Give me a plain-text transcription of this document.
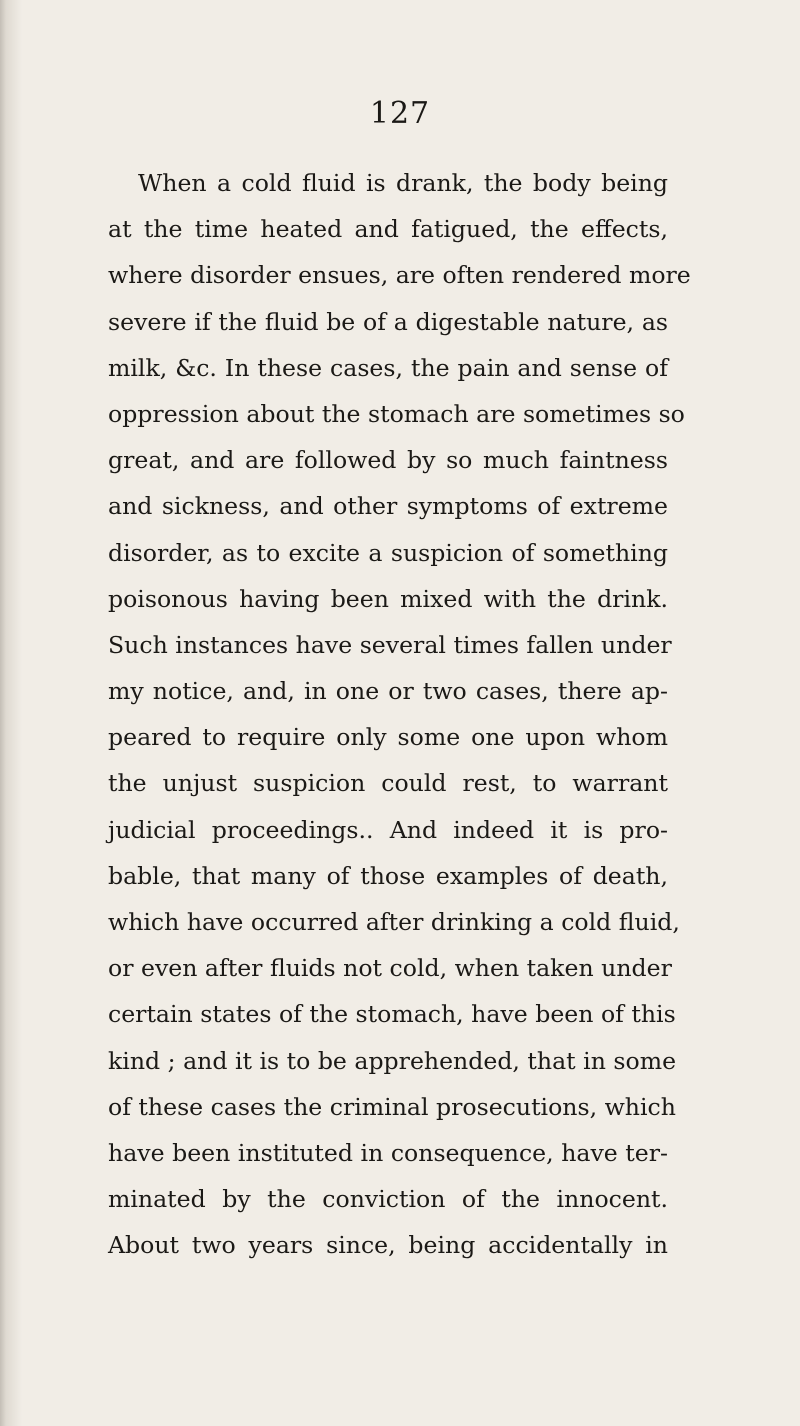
127
When a cold fluid is drank, the body being
at the time heated and fatigued, the effects,
where disorder ensues, are often rendered more
severe if the fluid be of a digestable nature, as
milk, &c. In these cases, the pain and sense of
oppression about the stomach are sometimes so
great, and are followed by so much faintness
and sickness, and other symptoms of extreme
disorder, as to excite a suspicion of something
poisonous having been mixed with the drink.
Such instances have several times fallen under
my notice, and, in one or two cases, there ap-
peared to require only some one upon whom
the unjust suspicion could rest, to warrant
judicial proceedings.. And indeed it is pro-
bable, that many of those examples of death,
which have occurred after drinking a cold fluid,
or even after fluids not cold, when taken under
certain states of the stomach, have been of this
kind ; and it is to be apprehended, that in some
of these cases the criminal prosecutions, which
have been instituted in consequence, have ter-
minated by the conviction of the innocent.
About two years since, being accidentally in
